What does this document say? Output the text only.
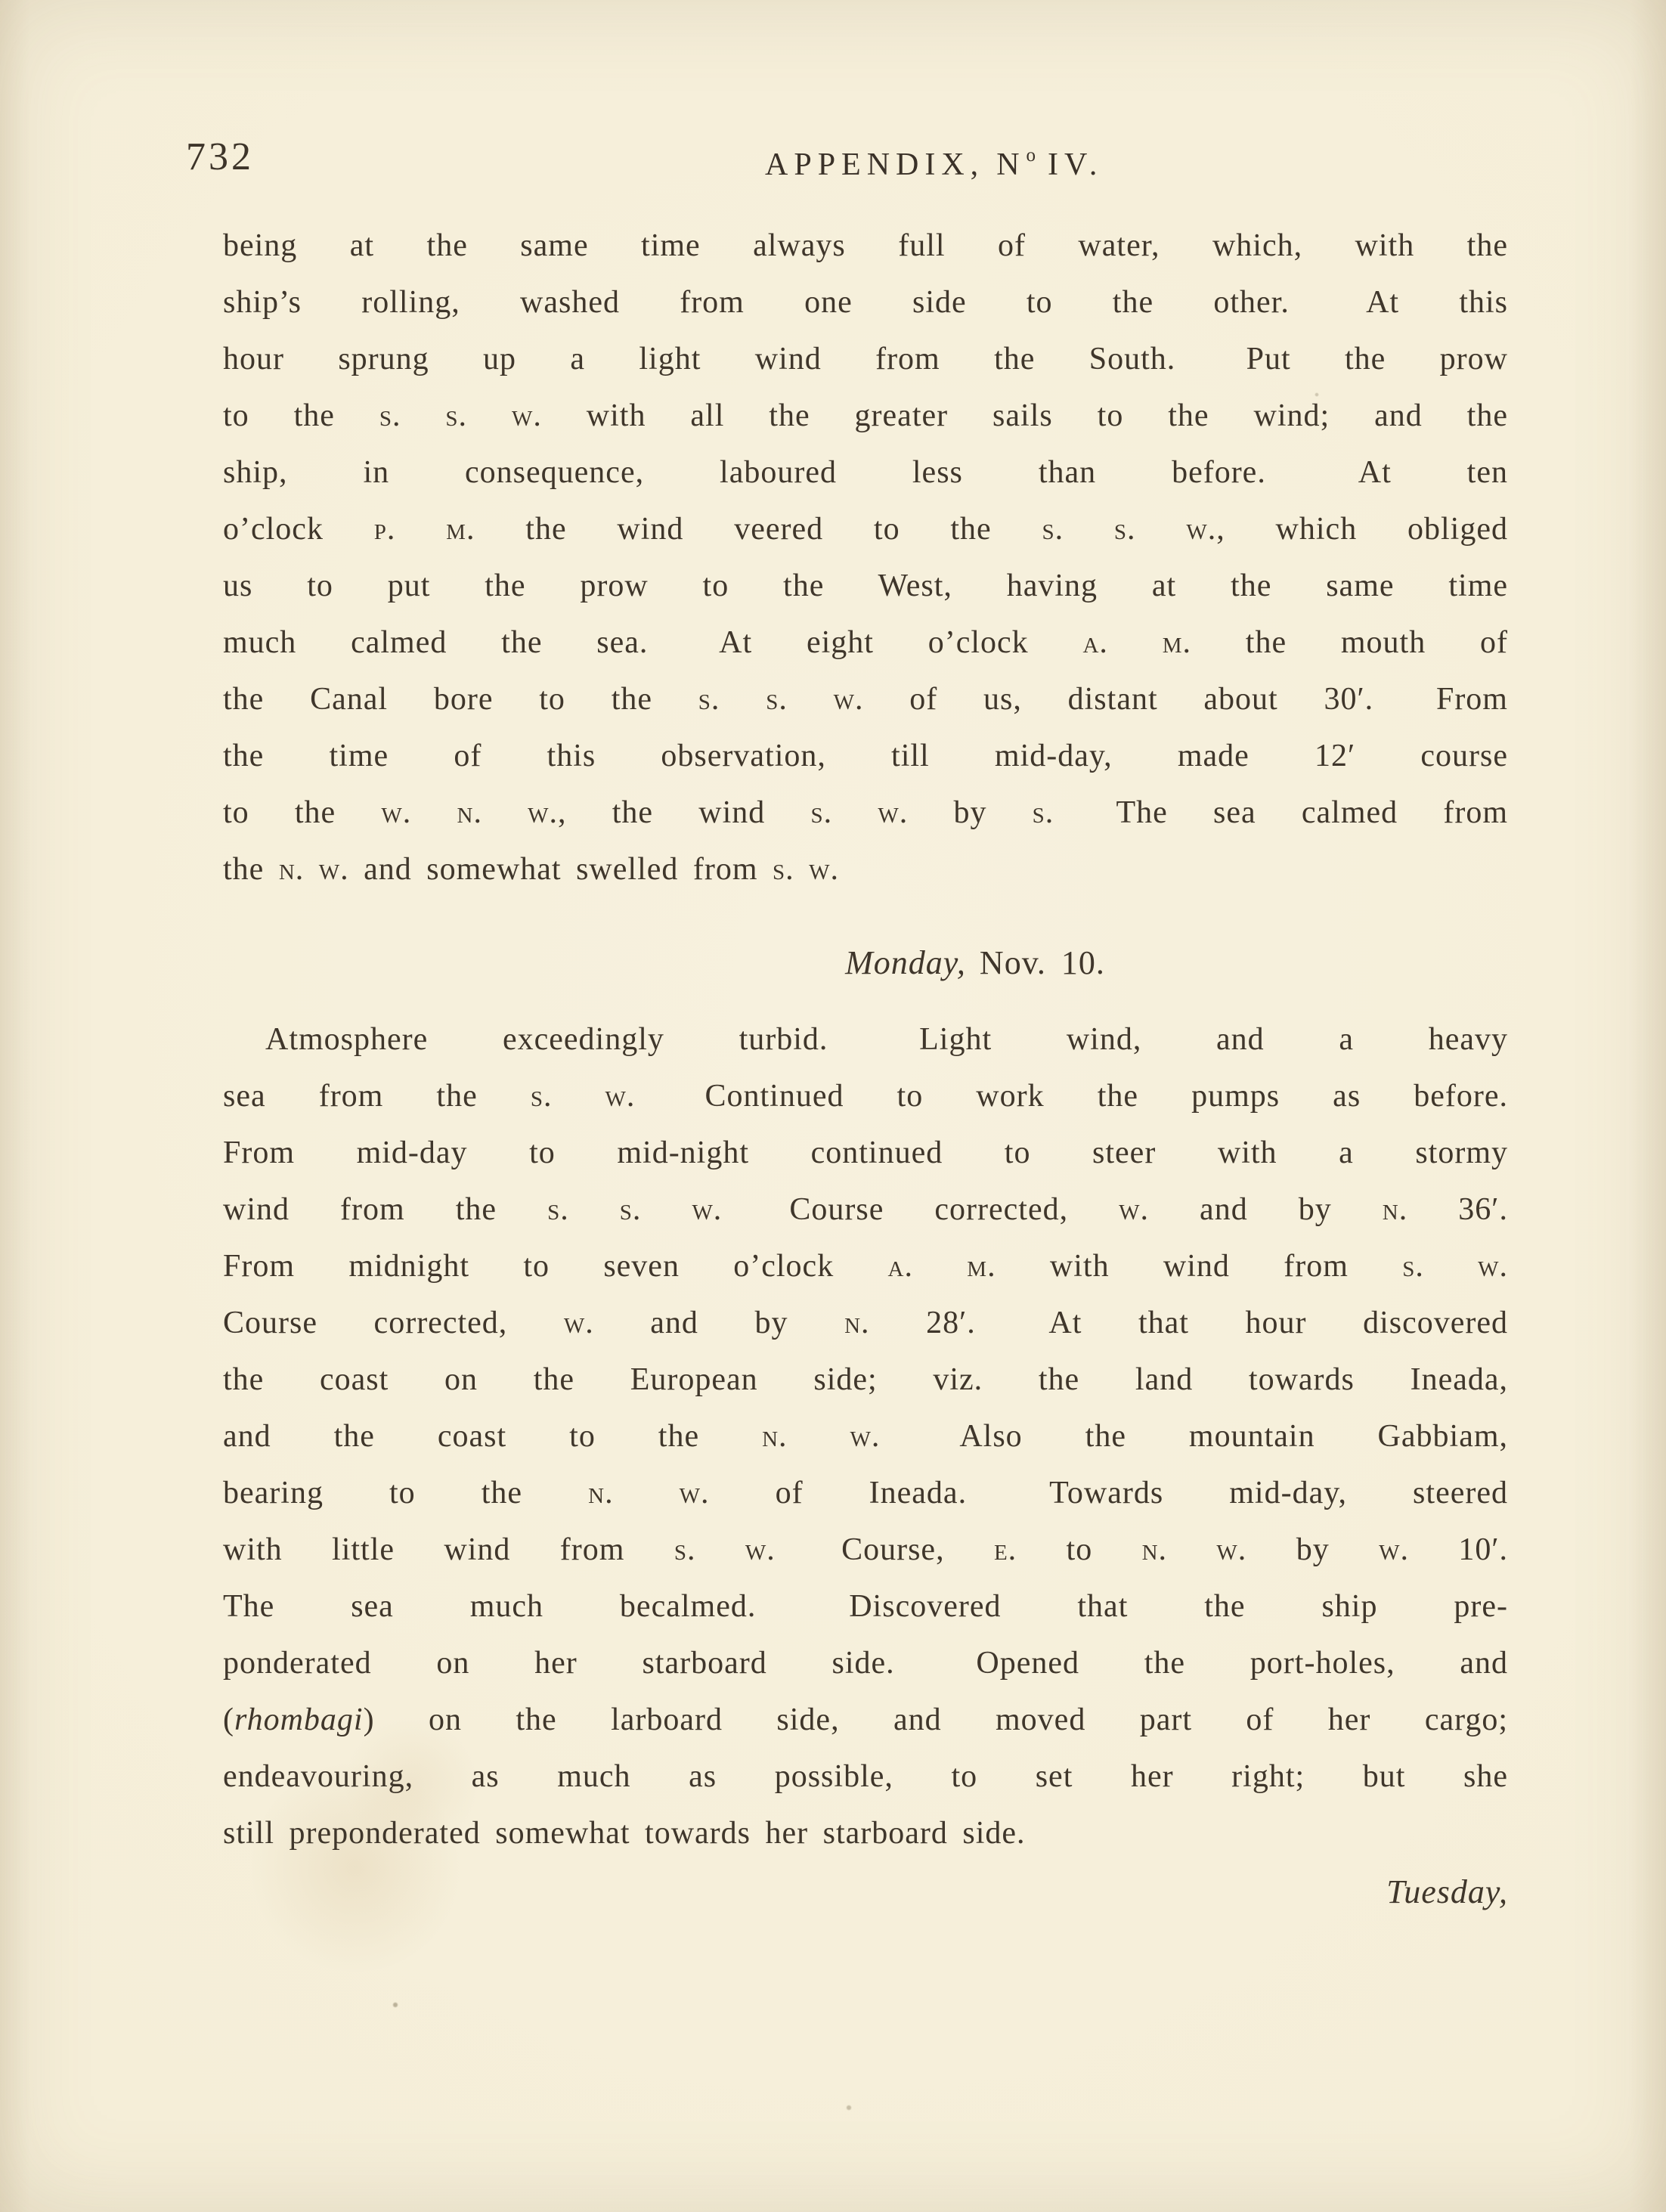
732	APPENDIX, $N^o$ IV.
being at the same time always full of water, which, with the
ship’s rolling, washed from one side to the other.  At this
hour sprung up a light wind from the South.  Put the prow
to the s. s. w. with all the greater sails to the wind; and the
ship, in consequence, laboured less than before.  At ten
o’clock p. m. the wind veered to the s. s. w., which obliged
us to put the prow to the West, having at the same time
much calmed the sea.  At eight o’clock a. m. the mouth of
the Canal bore to the s. s. w. of us, distant about 30′.  From
the time of this observation, till mid-day, made 12′ course
to the w. n. w., the wind s. w. by s.  The sea calmed from
the n. w. and somewhat swelled from s. w.
Monday, Nov. 10.
Atmosphere exceedingly turbid.  Light wind, and a heavy
sea from the s. w.  Continued to work the pumps as before.
From mid-day to mid-night continued to steer with a stormy
wind from the s. s. w.  Course corrected, w. and by n. 36′.
From midnight to seven o’clock a. m. with wind from s. w.
Course corrected, w. and by n. 28′.  At that hour discovered
the coast on the European side; viz. the land towards Ineada,
and the coast to the n. w.  Also the mountain Gabbiam,
bearing to the n. w. of Ineada.  Towards mid-day, steered
with little wind from s. w.  Course, e. to n. w. by w. 10′.
The sea much becalmed.  Discovered that the ship pre-
ponderated on her starboard side.  Opened the port-holes, and
(rhombagi) on the larboard side, and moved part of her cargo;
endeavouring, as much as possible, to set her right; but she
still preponderated somewhat towards her starboard side.
Tuesday,
